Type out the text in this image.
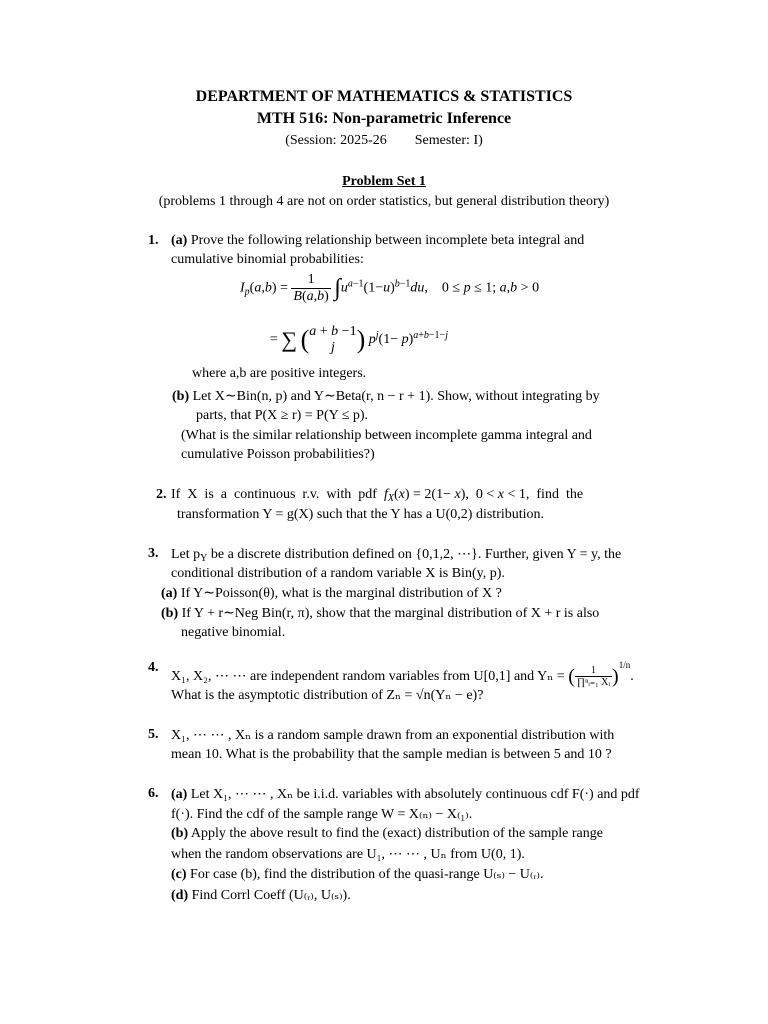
DEPARTMENT OF MATHEMATICS & STATISTICS
MTH 516: Non-parametric Inference
(Session: 2025-26        Semester: I)
Problem Set 1
(problems 1 through 4 are not on order statistics, but general distribution theory)
1. (a) Prove the following relationship between incomplete beta integral and
cumulative binomial probabilities:
$I_p(a,b) = \frac{1}{B(a,b)} \int u^{a-1}(1-u)^{b-1}du$,    0 ≤ p ≤ 1; a,b > 0
= ∑ ( a + b −1
j ) $p^j(1- p)^{a+b-1-j}$
where a,b are positive integers.
(b) Let X∼Bin(n, p) and Y∼Beta(r, n − r + 1). Show, without integrating by
parts, that P(X ≥ r) = P(Y ≤ p).
(What is the similar relationship between incomplete gamma integral and
cumulative Poisson probabilities?)
2. If  X  is  a  continuous  r.v.  with  pdf  $f_X(x) = 2(1- x)$,  0 < x < 1,  find  the
transformation Y = g(X) such that the Y has a U(0,2) distribution.
3. Let $p_Y$ be a discrete distribution defined on {0,1,2, ⋯}. Further, given Y = y, the
conditional distribution of a random variable X is Bin(y, p).
(a) If Y∼Poisson(θ), what is the marginal distribution of X ?
(b) If Y + r∼Neg Bin(r, π), show that the marginal distribution of X + r is also
negative binomial.
4.
X₁, X₂, ⋯ ⋯ are independent random variables from U[0,1] and Yₙ = ( $\frac{1}{\text{∏ⁿᵢ₌₁ Xᵢ}} )^{1/n}$.
What is the asymptotic distribution of Zₙ = √n(Yₙ − e)?
5. X₁, ⋯ ⋯ , Xₙ is a random sample drawn from an exponential distribution with
mean 10. What is the probability that the sample median is between 5 and 10 ?
6. (a) Let X₁, ⋯ ⋯ , Xₙ be i.i.d. variables with absolutely continuous cdf F(·) and pdf
f(·). Find the cdf of the sample range W = X₍ₙ₎ − X₍₁₎.
(b) Apply the above result to find the (exact) distribution of the sample range
when the random observations are U₁, ⋯ ⋯ , Uₙ from U(0, 1).
(c) For case (b), find the distribution of the quasi-range U₍ₛ₎ − U₍ᵣ₎.
(d) Find Corrl Coeff (U₍ᵣ₎, U₍ₛ₎).
